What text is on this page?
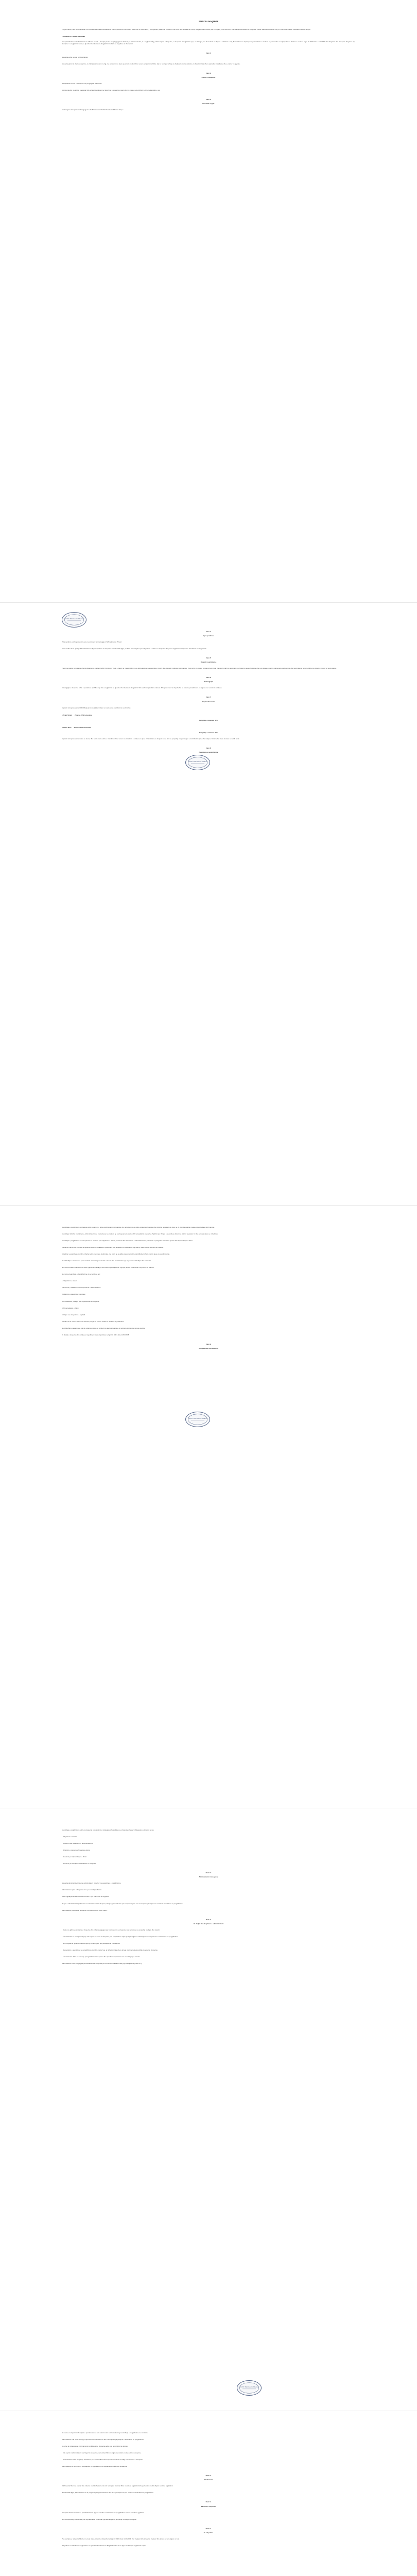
STATUTI I SHOQERISE

1.Arjan Tartari, I lori banonjë fiskar me 1/3/0/1/B/ Fenonrafte Bnbaute ne Tirane, Ronbindr Oronh/ihe e 0/e/1 Dne 2. Admir Ruci, I lori Operatri, Aaber me 01/0/1/0/1 nel Olum Bhe Bonraa ne Tirane, Rrega Unuaet Uoard, Aati Pn Npatu, ne e Infermon / mersbanjen themelimin e shoqerise 'Pacific Petroleum Albania' Sh.p.k. ose shkurt Pacific Petroleum Albania Sh.p.k.

I.SHPREHJA E PERGJITHSHME

Shoqeria Pinduane Pacific Petroleum Albania Sh.p.k. , shoqëri private me përgjegjësi të kufizuar, e cila themelohet, si e regjistruar ligj, ndikon sipas, i shoqerive, e shoqerive si regjistrimi i tyre, ne ti tregut, me themelimin ne dhjete e ushtrimin e saj, themelohet me shprehjen e perbashket te ortakeve te permendur me sipër, dhe ne zbatim te nenit ne Ligjin Nr. 9901 date 14/04/2008 'Per Tregtaret dhe Shoqerite Tregtare'. Nje shoqëri e ri e regjistrimit te saj ne Qendren Kombetare te Regjistrimit ne baze te rregullave te themelimit.

Neni 1

Shoqeria eshte person juridik shqiptar.

Shoqeria gëzon te drejta e detyrime, te cilat parashikohen me ligj, me perjashtim te atyre qe jane te perkohshme vetem per personat fizike. Ajo ka te drejte te fitoje te drejta e te marre detyrime, te beje kontrata dhe te paraqitet si paditese dhe e paditur ne gjykate.

Neni 2
Forma e shoqerise

Shoqeria ka formen e shoqerise me pergjegjesi te kufizuar.

Ajo themelohet me afat te pacaktuar dhe ortaket pergjigjen per detyrimet e shoqerise vetem deri ne masen e kontributit te tyre ne kapitalin e saj.

Neni 3
Emertimi tregtar

Emri tregtar i shoqerise ne Pergjegjesi te Kufizuar eshte 'Pacific Petroleum Albania' Sh.p.k.

Neni 4
Zyra qendrore

Zyra qendrore e shoqerise do te jete ne adresen : prane,Lagjja nr Wlëncknarowi 'Tirane'

Kete vendim do te njoftoje Administratori ne Zyren qendrore te shoqerise brenda afatit ligjor, ne baze te te drejtave per ndryshimin e selise se shoqerise dhe per ta regjistruar ne Qendren Kombetare te Regjistrimit.

Neni 5
Objekti i veprimtarise

Tregti me pakice karburante dhe lubrifikante me marke Pacific Petroleum. Tregti e hapur ne rrugezhvillimi ne te gjitha sektoret e ekonomise, importi dhe eksporti i mallrave te shoqerise. Tregti e lire ne tregun vendas dhe te huaj. Transport malli me automjete per llogari te vete shoqerise dhe te te treteve, ndertim stacionesh karburanti si dhe veprimtari te tjera ne lidhje me objektin kryesor te veprimtarise.

Neni 6
Kohezgjatja

Kohezgjatja e shoqerise eshte e pacaktuar. Ajo fillon nga dita e regjistrimit ne Qendren Kombetare te Regjistrimit dhe vazhdon pa afat te caktuar. Shoqeria mund te shperbehet ne rastet e parashikuara ne ligj ose me vendim te ortakeve.

Neni 7
Kapitali themeltar

Kapitali i shoqerise eshte 100.000 (njeqind mije) leke i ndare ne kuota sipas kontributit te secilit ortak.

1.Arjan Tartari Zoteron 50% te kuotave
Perqindja e zoteruar 50%
2.Admir Ruci Zoteron 50% te kuotave
Perqindja e zoteruar 50%

Kapitali i shoqerise eshte ndare ne kuota, dhe secila kuote eshte e transferueshme vetem me miratimin e ortakeve te tjere. Ortaket kane te drejte te kene deri ne perputhje me perqindjen e kontributit te tyre, dhe ndarja e fitimit behet sipas kuotave te secilit ortak.

Neni 8
Asambleja e pergjithshme
Pacific Petroleum Albania
Pacific Petroleum Albania

Asambleja e pergjithshme e ortakeve eshte organi me i larte vendimmarres i shoqerise. Ajo perbehet nga te gjithe ortaket e shoqerise dhe mblidhet te pakten nje here ne vit, brenda gjashte muajve nga mbyllja e vitit financiar.

Asambleja mblidhet me thirrjen e Administratorit ose me kerkesen e ortakeve qe perfaqesojne te pakten 5% te kapitalit te shoqerise. Njoftimi per thirrjen e asamblese behet me shkrim te pakten 10 dite perpara dates se mbledhjes.

Asambleja e pergjithshme ka kompetence te vendose per ndryshimin e statutit, emerimin dhe shkarkimin e administratoreve, miratimin e pasqyrave financiare vjetore dhe shperndarjen e fitimit.

Vendimet merren me shumice te thjeshte votash te ortakeve te pranishem, me perjashtim te rasteve kur ligji ose ky statut kerkon shumice te cilesuar.

Mbledhjet e asamblese mund te mbahen edhe me mjete elektronike, me kusht qe te gjithe pjesemarresit te identifikohen dhe te marrin pjese ne vendimmarrje.

Ne mbledhjen e asamblese procesverbali mbahet nga sekretari i caktuar dhe nenshkruhet nga kryesuesi i mbledhjes dhe sekretari.

Ne rast se ortaket nuk mund te marrin pjese ne mbledhje, ata mund te perfaqesohen nga nje person i autorizuar me prokure te shkruar.

Ne rast se Asambleja e Pergjithshme do te vendose per:

1.Ndryshimin e statutit

2.Emerimin, shkarkimin dhe shperblimin e administratorit

3.Miratimin e pasqyrave financiare

4.Te bashkuarit, ndarjen ose shperbereien e shoqerise

5.Shpernadarjen e fitimit

6.Rritjen ose zvogelimin e kapitalit

Vendimi do te merret vetem me shumice prej dy te treta te votave te ortakeve te pranishem.

Ne mbledhjen e asamblese kur nje ortak ka interes te kundert me ate te shoqerise, ai nuk ka te drejte vote per ate ceshtje.

Te drejtat e shoqerise dhe ortakeve rregullohen sipas dispozitave te ligjit Nr. 9901 date 14/04/2008.

Neni 9
Kompetencat e Asamblese
Pacific Petroleum Albania

Asambleja e pergjithshme eshte kompetente per caktimin e strategjise dhe politikes se shoqerise dhe per mbikeqyrjen e zbatimit te saj.

- Ndryshimin e statutit

- Emerimin dhe shkarkimin e administratoreve

- Miratimin e pasqyrave financiare vjetore

- Vendimin per shperndarjen e fitimit

- Vendimin per shkrirjen ose likuidimin e shoqerise

Neni 10
Administratori i shoqerise

Shoqeria administrohet nga nje administrator i zgjedhur nga asambleja e pergjithshme.

Administrator i pare i shoqerise do te jete zoti Arjan Tartari.

Afati i zgjedhjes se administratorit eshte 5 vjet i cili mund te rizgjidhet.

Detyra e administratorit perfundon me mbarimin e afatit 5 vjecar, vdekjen, pamundesine per te kryer detyren ose me heqjen nga detyra me vendim te asamblese se pergjithshme.

Administratori perfaqeson shoqerine ne marredheniet me te treten.

Neni 11
Te drejtat dhe detyrimet e administratorit

- Drejton te gjitha veprimtarite e shoqerise dhe mban pergjegjesi per perfaqesimin e shoqerise ndaj te treteve ne perputhje me ligjin dhe statutin.

- Administratori ka te drejte te kryeje cdo veprim ne emer te shoqerise, me perjashtim te atyre qe sipas ligjit ose statutit jane ne kompetence te asamblese se pergjithshme.

- Ne mungese te tij mund te autorizoje nje person tjeter per perfaqesimin e shoqerise.

- Me pelqimin e asamblese se pergjithshme mund te marre hua, te lidhe kontrata dhe te kryeje veprime te tjera juridike ne emer te shoqerise.

- Administratori duhet te dorezoje pasqyrat financiare vjetore dhe raportin e veprimtarise tek asambleja per miratim.

Administratori eshte pergjegjes personalisht ndaj shoqerise per demet qe i shkakton asaj nga shkelja e detyrave te tij.

Pacific Petroleum Albania

Ne rast se nuk permbush detyrat e percaktuara ne kete statut mund te shkarkohet nga asambleja e pergjithshme ne cdo kohe.

Administratori nuk mund te kryeje veprimtari konkurruese me ate te shoqerise pa pelqimin e asamblese se pergjithshme.

Ai duhet te mbaje sekret informacionin konfidencial te shoqerise edhe pas perfundimit te detyres.

- Cdo veprim i administratorit per llogari te shoqerise, ne kundershtim me ligjin ose statutin, nuk e detyron shoqerine.

- administratori duhet te njoftoje asamblene per cdo konflikt interesi qe mund te kete ne lidhje me veprimet e shoqerise.

Administratori ka te drejten e perfaqesimit ne gjykata dhe ne organet e administrates shteterore.

Neni 12
Viti financiar

Viti financiar fillon me 1 janar dhe mbaron me 31 dhjetor te cdo viti. Viti i pare financiar fillon me dite te regjistrimit dhe perfundon me 31 dhjetor te vitit te regjistrimit.

Brenda afatit ligjor, administratori do te pergatise pasqyrat financiare dhe do t'i paraqese ato per miratim ne asamblene e pergjithshme.

Neni 13
Mbarimi i shoqerise

Shoqeria mbaron ne rastet e parashikuara me ligj, me vendim te asamblese se pergjithshme ose me vendim te gjykates.

Ne rast shperberje, likuidimi kryhet nga likuiduesi i emeruar nga asambleja, ne perputhje me dispozitat ligjore.

Neni 14
Te ndryshme

Per ceshtjet qe nuk parashikohen ne kete statut, zbatohen dispozitat e Ligjit Nr. 9901 date 14/04/2008 'Per tregtaret dhe shoqerite tregtare' dhe akteve te tjera ligjore ne fuqi.

Ndryshimet e statutit do te regjistrohen ne Qendren Kombetare te Regjistrimit dhe do te hyjne ne fuqi pas regjistrimit te tyre.
